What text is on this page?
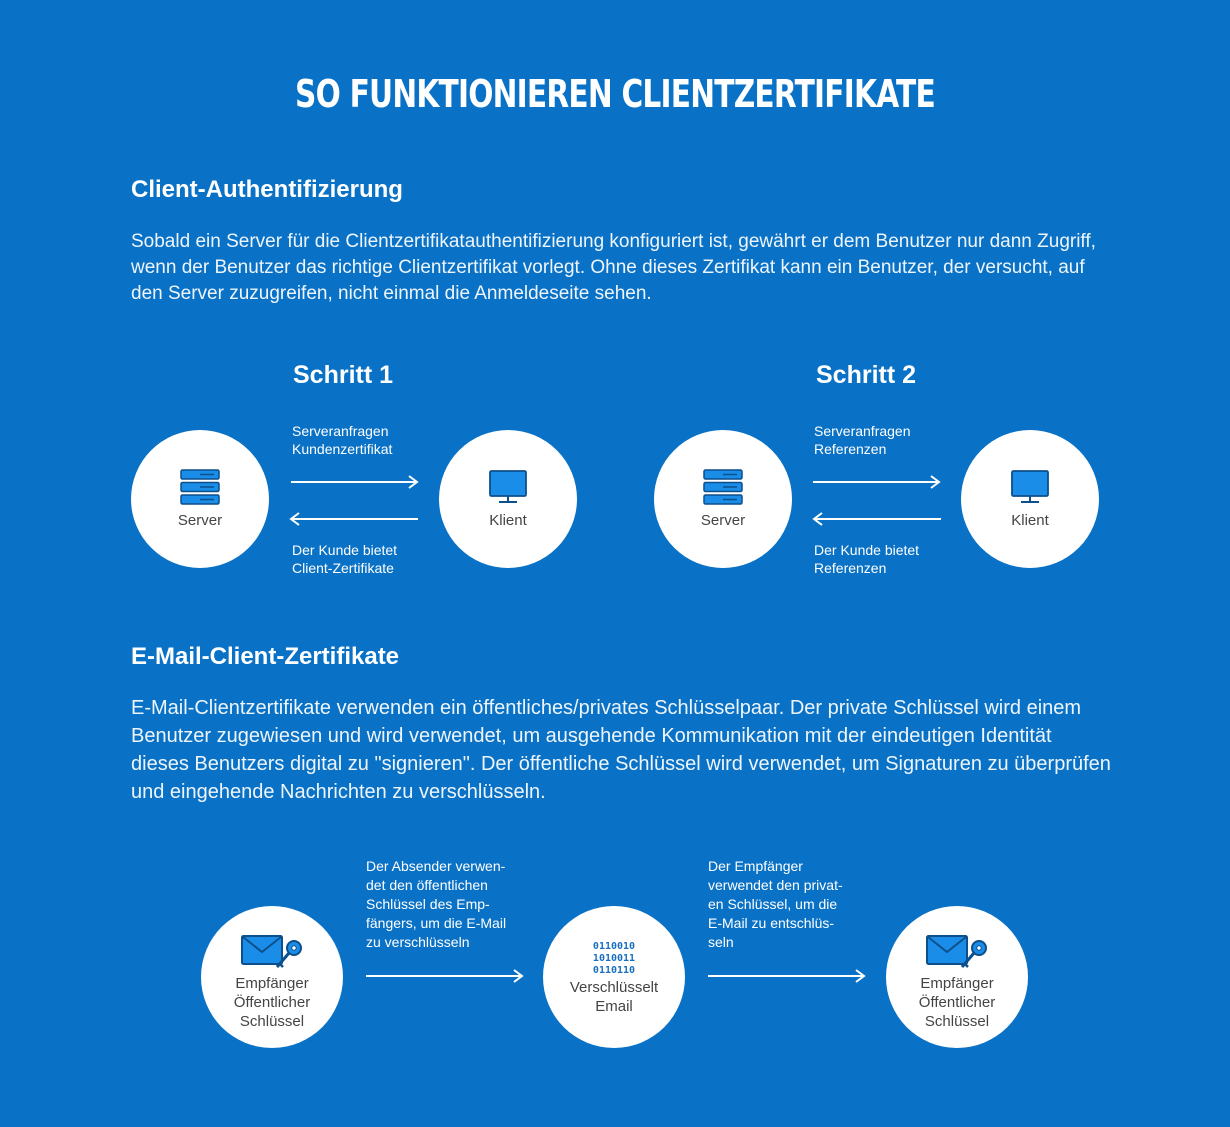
SO FUNKTIONIEREN CLIENTZERTIFIKATE
Client-Authentifizierung
Sobald ein Server für die Clientzertifikatauthentifizierung konfiguriert ist, gewährt er dem Benutzer nur dann Zugriff, wenn der Benutzer das richtige Clientzertifikat vorlegt. Ohne dieses Zertifikat kann ein Benutzer, der versucht, auf den Server zuzugreifen, nicht einmal die Anmeldeseite sehen.
Schritt 1
Serveranfragen
Kundenzertifikat
Der Kunde bietet
Client-Zertifikate
Server	Klient
Schritt 2
Serveranfragen
Referenzen
Der Kunde bietet
Referenzen
Server	Klient
E-Mail-Client-Zertifikate
E-Mail-Clientzertifikate verwenden ein öffentliches/privates Schlüsselpaar. Der private Schlüssel wird einem Benutzer zugewiesen und wird verwendet, um ausgehende Kommunikation mit der eindeutigen Identität dieses Benutzers digital zu "signieren". Der öffentliche Schlüssel wird verwendet, um Signaturen zu überprüfen und eingehende Nachrichten zu verschlüsseln.
Der Absender verwen-
det den öffentlichen
Schlüssel des Emp-
fängers, um die E-Mail
zu verschlüsseln
Der Empfänger
verwendet den privat-
en Schlüssel, um die
E-Mail zu entschlüs-
seln
Empfänger
Öffentlicher
Schlüssel
0110010
1010011
0110110
Verschlüsselt
Email
Empfänger
Öffentlicher
Schlüssel
